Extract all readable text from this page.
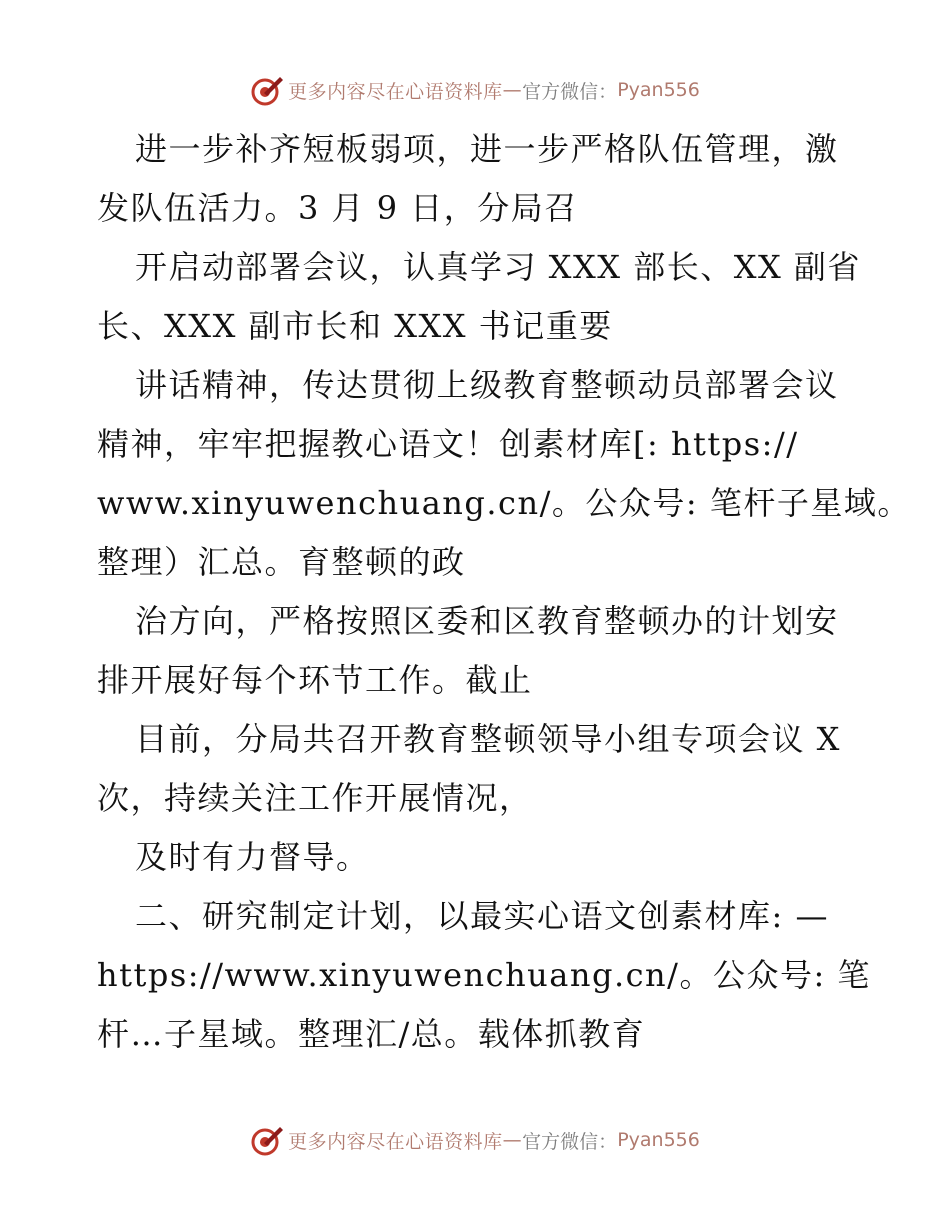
更多内容尽在心语资料库 — 官方微信： Pyan556
进一步补齐短板弱项，进一步严格队伍管理，激
发队伍活力。3 月 9 日，分局召
开启动部署会议，认真学习 XXX 部长、XX 副省
长、XXX 副市长和 XXX 书记重要
讲话精神，传达贯彻上级教育整顿动员部署会议
精神，牢牢把握教心语文！创素材库[: https://
www.xinyuwenchuang.cn/。公众号: 笔杆子星域。
整理）汇总。育整顿的政
治方向，严格按照区委和区教育整顿办的计划安
排开展好每个环节工作。截止
目前，分局共召开教育整顿领导小组专项会议 X
次，持续关注工作开展情况，
及时有力督导。
二、研究制定计划，以最实心语文创素材库: —
https://www.xinyuwenchuang.cn/。公众号: 笔
杆…子星域。整理汇/总。载体抓教育
更多内容尽在心语资料库 — 官方微信： Pyan556
